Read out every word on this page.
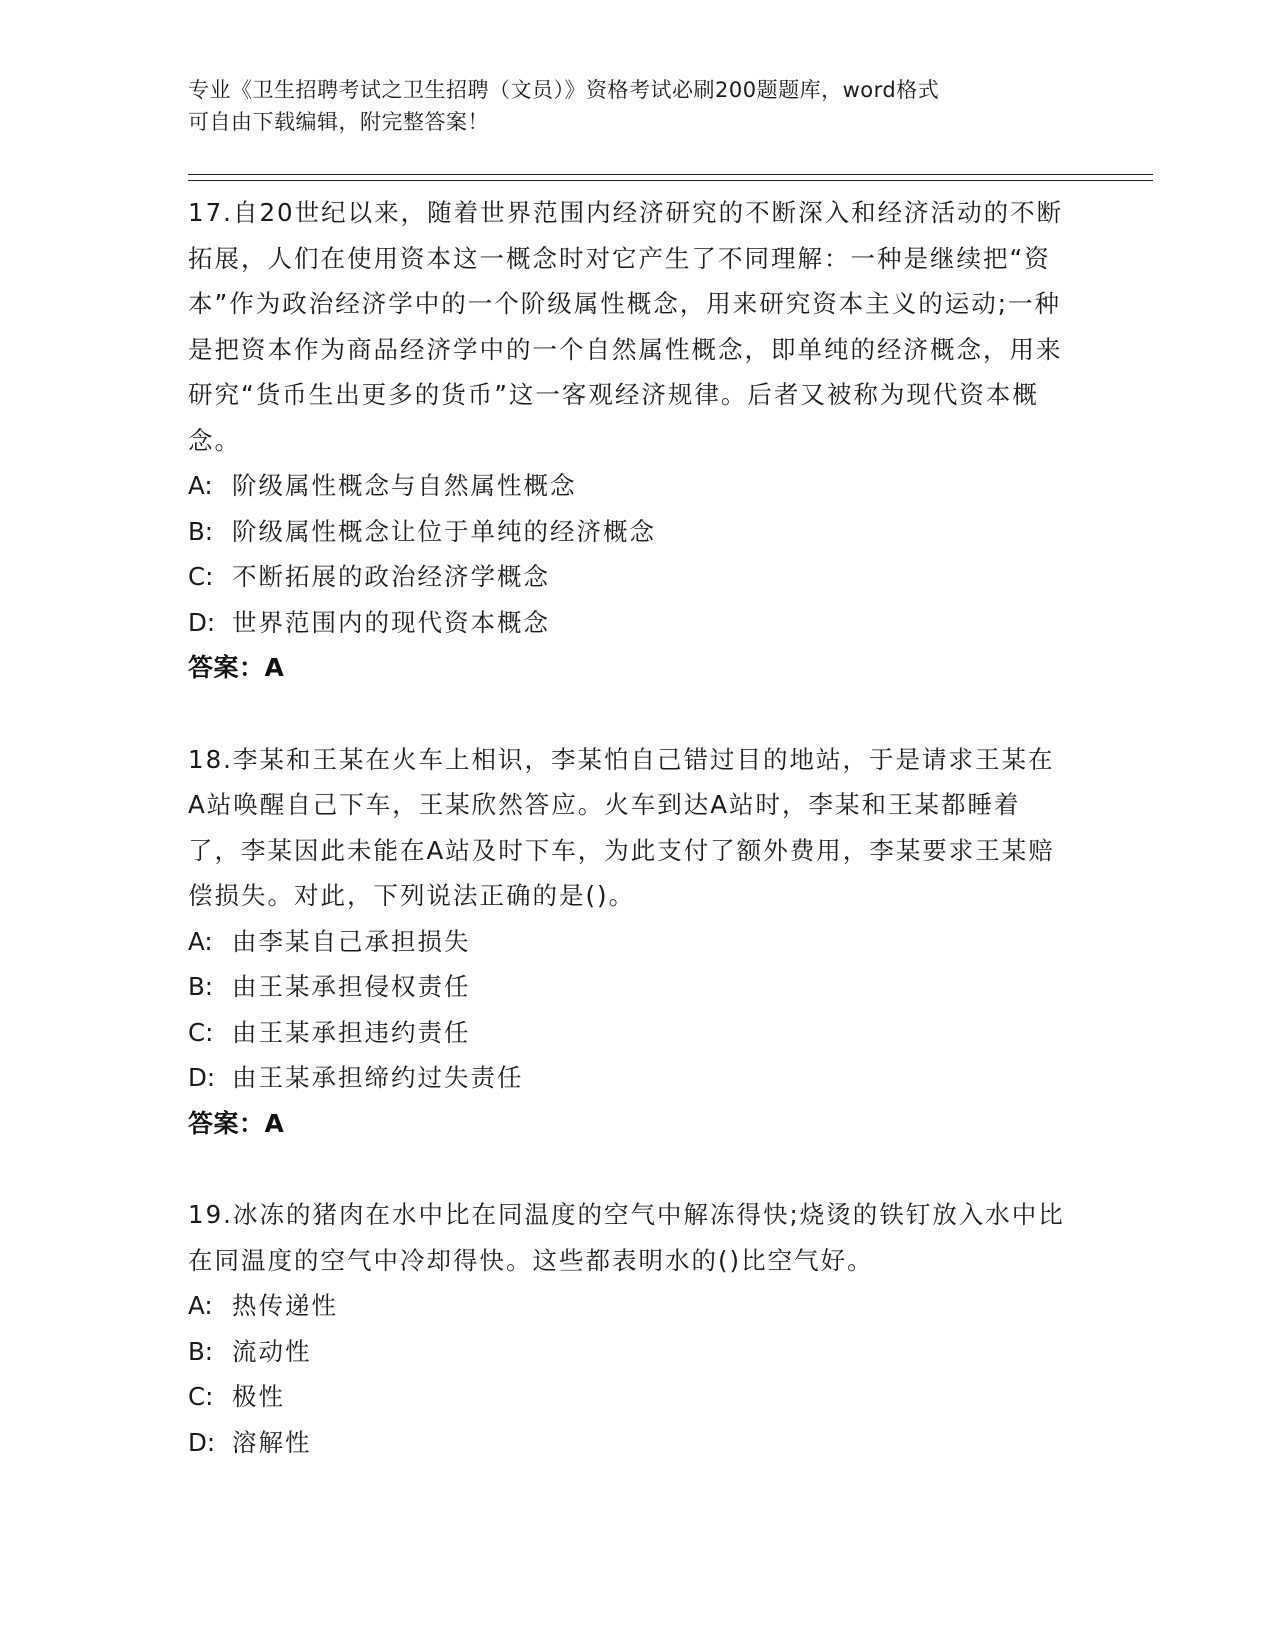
专业《卫生招聘考试之卫生招聘（文员）》资格考试必刷200题题库，word格式
可自由下载编辑，附完整答案！
17.自20世纪以来，随着世界范围内经济研究的不断深入和经济活动的不断拓展，人们在使用资本这一概念时对它产生了不同理解：一种是继续把“资本”作为政治经济学中的一个阶级属性概念，用来研究资本主义的运动;一种是把资本作为商品经济学中的一个自然属性概念，即单纯的经济概念，用来研究“货币生出更多的货币”这一客观经济规律。后者又被称为现代资本概念。
A: 阶级属性概念与自然属性概念
B: 阶级属性概念让位于单纯的经济概念
C: 不断拓展的政治经济学概念
D: 世界范围内的现代资本概念
答案：A
18.李某和王某在火车上相识，李某怕自己错过目的地站，于是请求王某在A站唤醒自己下车，王某欣然答应。火车到达A站时，李某和王某都睡着了，李某因此未能在A站及时下车，为此支付了额外费用，李某要求王某赔偿损失。对此，下列说法正确的是()。
A: 由李某自己承担损失
B: 由王某承担侵权责任
C: 由王某承担违约责任
D: 由王某承担缔约过失责任
答案：A
19.冰冻的猪肉在水中比在同温度的空气中解冻得快;烧烫的铁钉放入水中比在同温度的空气中冷却得快。这些都表明水的()比空气好。
A: 热传递性
B: 流动性
C: 极性
D: 溶解性
